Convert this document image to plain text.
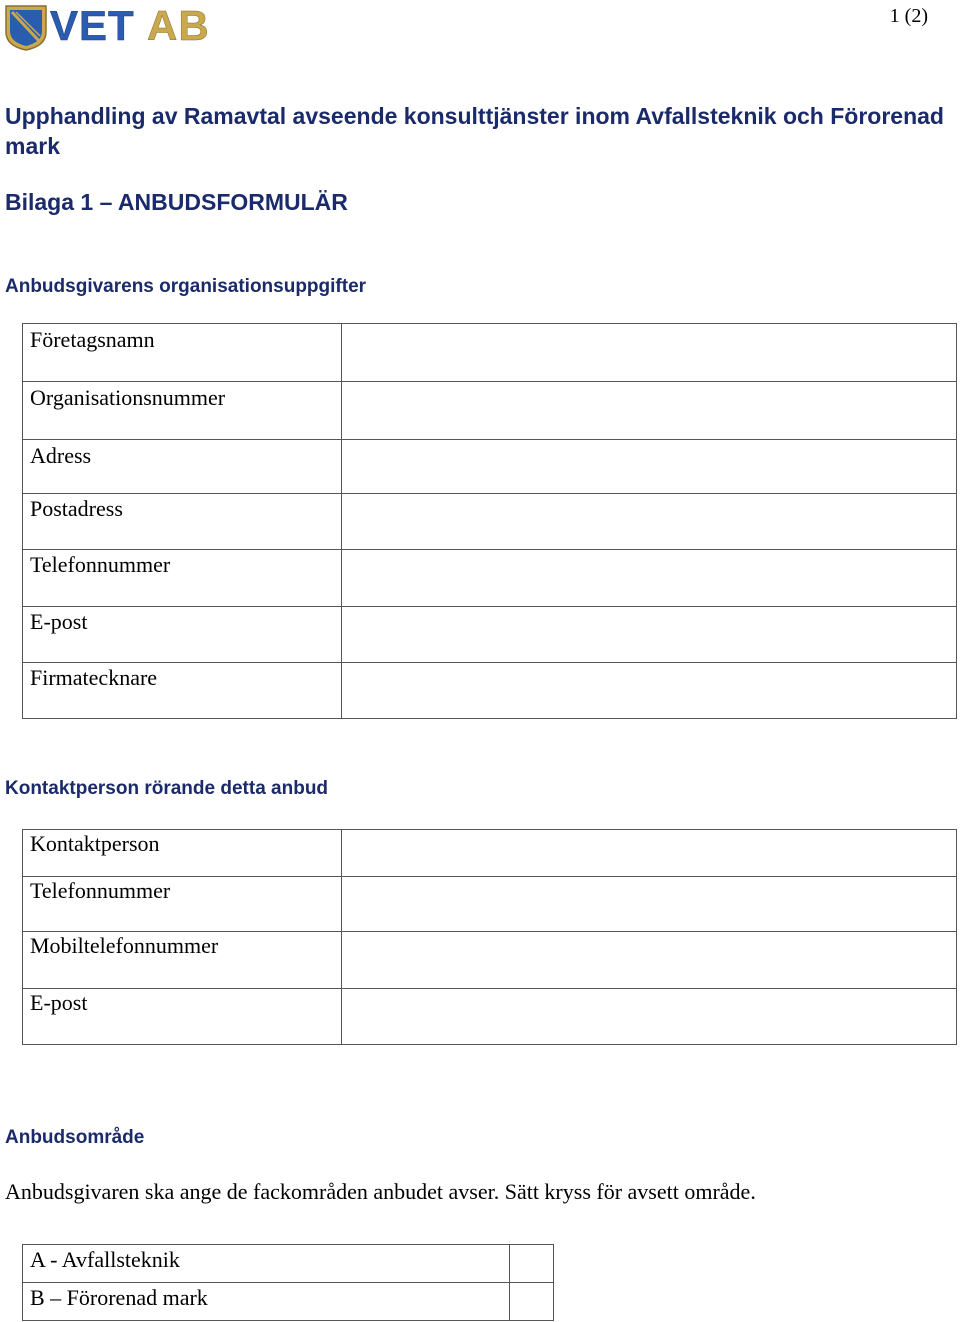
VET AB	1 (2)
Upphandling av Ramavtal avseende konsulttjänster inom Avfallsteknik och Förorenad mark
Bilaga 1 – ANBUDSFORMULÄR
Anbudsgivarens organisationsuppgifter
Företagsnamn	
Organisationsnummer	
Adress	
Postadress	
Telefonnummer	
E-post	
Firmatecknare	
Kontaktperson rörande detta anbud
Kontaktperson	
Telefonnummer	
Mobiltelefonnummer	
E-post	
Anbudsområde
Anbudsgivaren ska ange de fackområden anbudet avser. Sätt kryss för avsett område.
A - Avfallsteknik	
B – Förorenad mark	
